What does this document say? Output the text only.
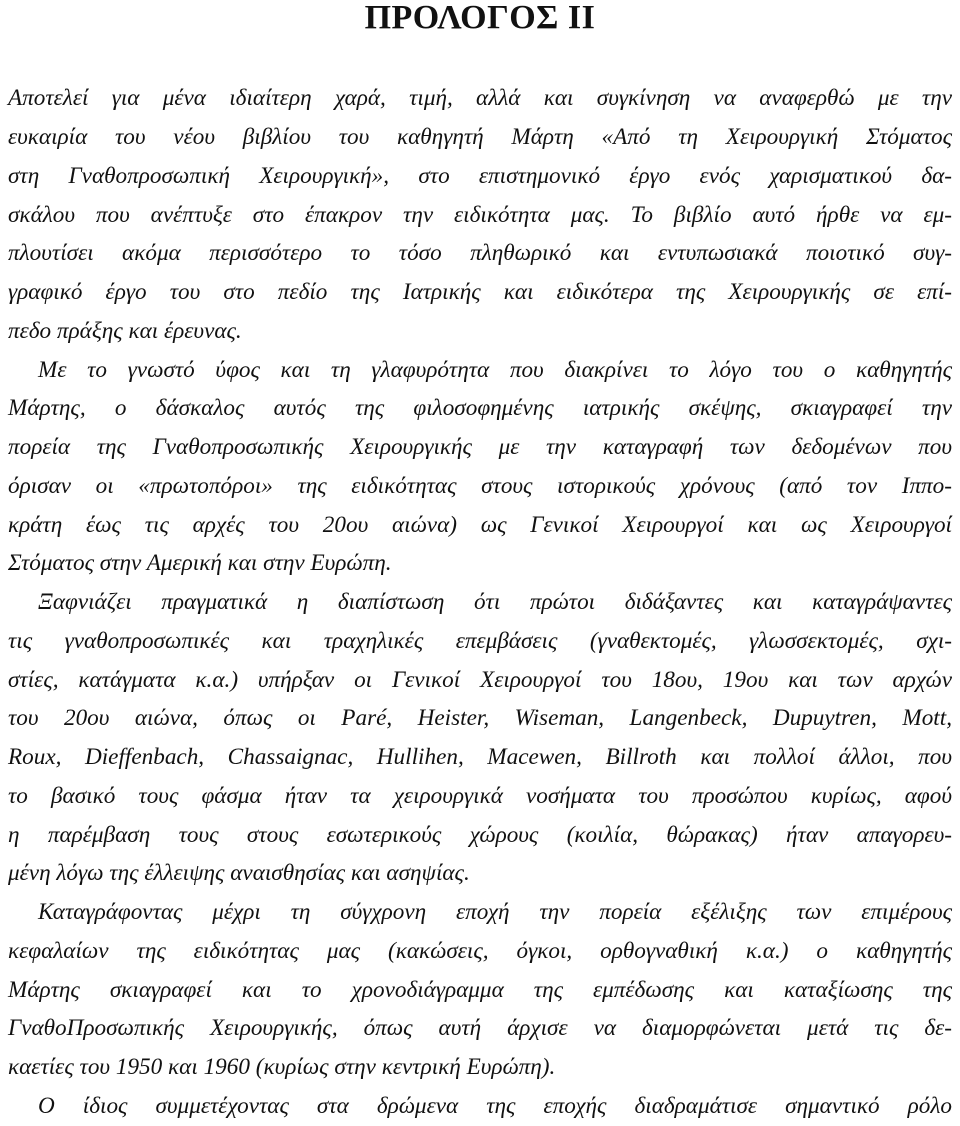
ΠΡΟΛΟΓΟΣ ΙΙ
Αποτελεί για μένα ιδιαίτερη χαρά, τιμή, αλλά και συγκίνηση να αναφερθώ με την
ευκαιρία του νέου βιβλίου του καθηγητή Μάρτη «Από τη Χειρουργική Στόματος
στη Γναθοπροσωπική Χειρουργική», στο επιστημονικό έργο ενός χαρισματικού δα-
σκάλου που ανέπτυξε στο έπακρον την ειδικότητα μας. Το βιβλίο αυτό ήρθε να εμ-
πλουτίσει ακόμα περισσότερο το τόσο πληθωρικό και εντυπωσιακά ποιοτικό συγ-
γραφικό έργο του στο πεδίο της Ιατρικής και ειδικότερα της Χειρουργικής σε επί-
πεδο πράξης και έρευνας.
Με το γνωστό ύφος και τη γλαφυρότητα που διακρίνει το λόγο του ο καθηγητής
Μάρτης, ο δάσκαλος αυτός της φιλοσοφημένης ιατρικής σκέψης, σκιαγραφεί την
πορεία της Γναθοπροσωπικής Χειρουργικής με την καταγραφή των δεδομένων που
όρισαν οι «πρωτοπόροι» της ειδικότητας στους ιστορικούς χρόνους (από τον Ιππο-
κράτη έως τις αρχές του 20ου αιώνα) ως Γενικοί Χειρουργοί και ως Χειρουργοί
Στόματος στην Αμερική και στην Ευρώπη.
Ξαφνιάζει πραγματικά η διαπίστωση ότι πρώτοι διδάξαντες και καταγράψαντες
τις γναθοπροσωπικές και τραχηλικές επεμβάσεις (γναθεκτομές, γλωσσεκτομές, σχι-
στίες, κατάγματα κ.α.) υπήρξαν οι Γενικοί Χειρουργοί του 18ου, 19ου και των αρχών
του 20ου αιώνα, όπως οι Paré, Heister, Wiseman, Langenbeck, Dupuytren, Mott,
Roux, Dieffenbach, Chassaignac, Hullihen, Macewen, Billroth και πολλοί άλλοι, που
το βασικό τους φάσμα ήταν τα χειρουργικά νοσήματα του προσώπου κυρίως, αφού
η παρέμβαση τους στους εσωτερικούς χώρους (κοιλία, θώρακας) ήταν απαγορευ-
μένη λόγω της έλλειψης αναισθησίας και ασηψίας.
Καταγράφοντας μέχρι τη σύγχρονη εποχή την πορεία εξέλιξης των επιμέρους
κεφαλαίων της ειδικότητας μας (κακώσεις, όγκοι, ορθογναθική κ.α.) ο καθηγητής
Μάρτης σκιαγραφεί και το χρονοδιάγραμμα της εμπέδωσης και καταξίωσης της
ΓναθοΠροσωπικής Χειρουργικής, όπως αυτή άρχισε να διαμορφώνεται μετά τις δε-
καετίες του 1950 και 1960 (κυρίως στην κεντρική Ευρώπη).
Ο ίδιος συμμετέχοντας στα δρώμενα της εποχής διαδραμάτισε σημαντικό ρόλο
